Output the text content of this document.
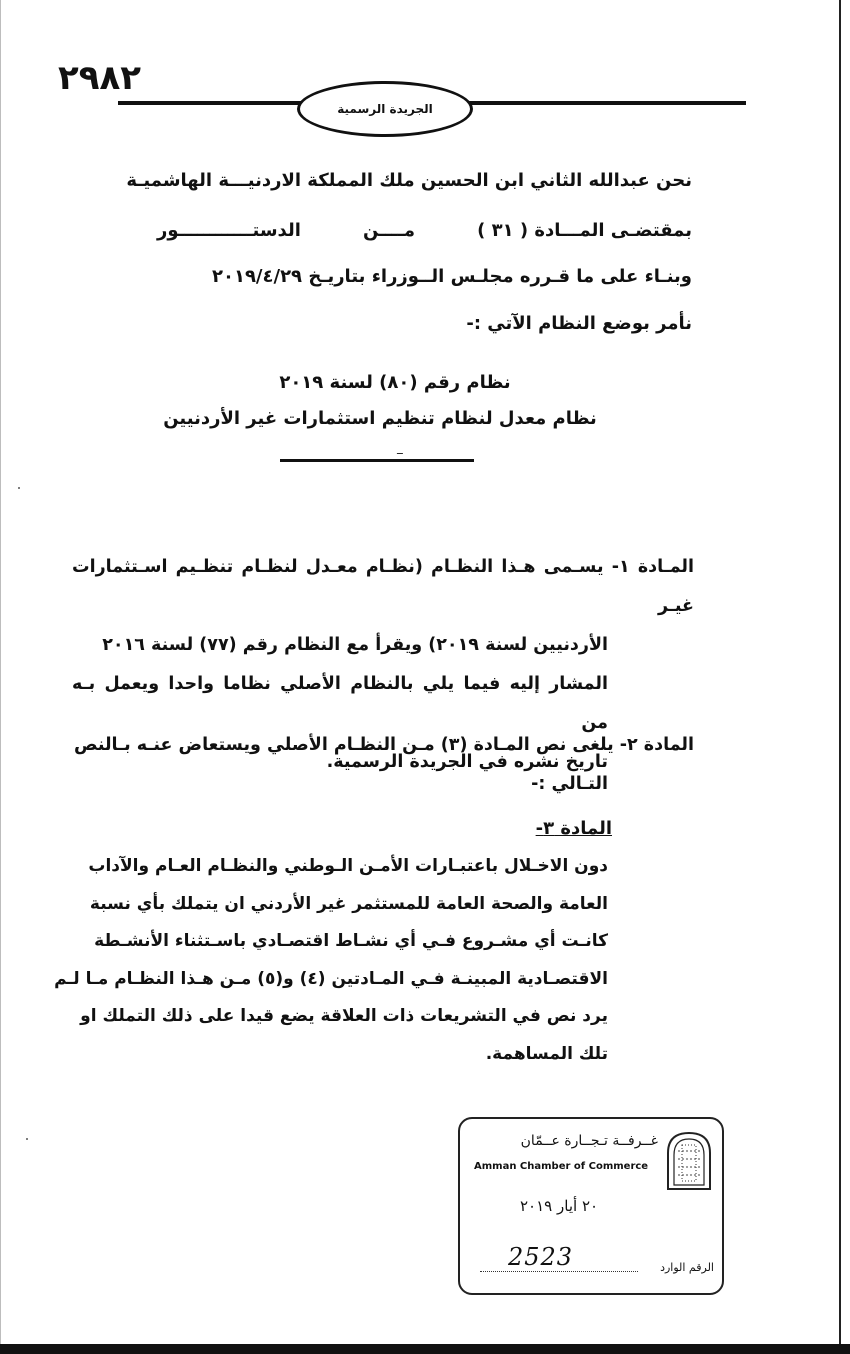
٢٩٨٢
الجريدة الرسمية
نحن عبدالله الثاني ابن الحسين ملك المملكة الاردنيـــة الهاشميـة
بمقتضـى المـــادة ( ٣١ )
مــــن
الدستــــــــــــور
وبنـاء على ما قـرره مجلـس الــوزراء بتاريـخ ٢٠١٩/٤/٢٩
نأمر بوضع النظام الآتي :-
نظام رقم (٨٠) لسنة ٢٠١٩
نظام معدل لنظام تنظيم استثمارات غير الأردنيين
ــ
المـادة ١- يسـمى هـذا النظـام (نظـام معـدل لنظـام تنظـيم اسـتثمارات غيـر
الأردنيين لسنة ٢٠١٩) ويقرأ مع النظام رقم (٧٧) لسنة ٢٠١٦
المشار إليه فيما يلي بالنظام الأصلي نظاما واحدا ويعمل بـه من
تاريخ نشره في الجريدة الرسمية.
المادة ٢- يلغى نص المـادة (٣) مـن النظـام الأصلي ويستعاض عنـه بـالنص
التـالي :-
المادة ٣-
دون الاخـلال باعتبـارات الأمـن الـوطني والنظـام العـام والآداب
العامة والصحة العامة للمستثمر غير الأردني ان يتملك بأي نسبة
كانـت أي مشـروع فـي أي نشـاط اقتصـادي باسـتثناء الأنشـطة
الاقتصـادية المبينـة فـي المـادتين (٤) و(٥) مـن هـذا النظـام مـا لـم
يرد نص في التشريعات ذات العلاقة يضع قيدا على ذلك التملك او
تلك المساهمة.
غــرفــة تـجــارة عــمّان
Amman Chamber of Commerce
٢٠ أيار ٢٠١٩
2523	الرقم الوارد
